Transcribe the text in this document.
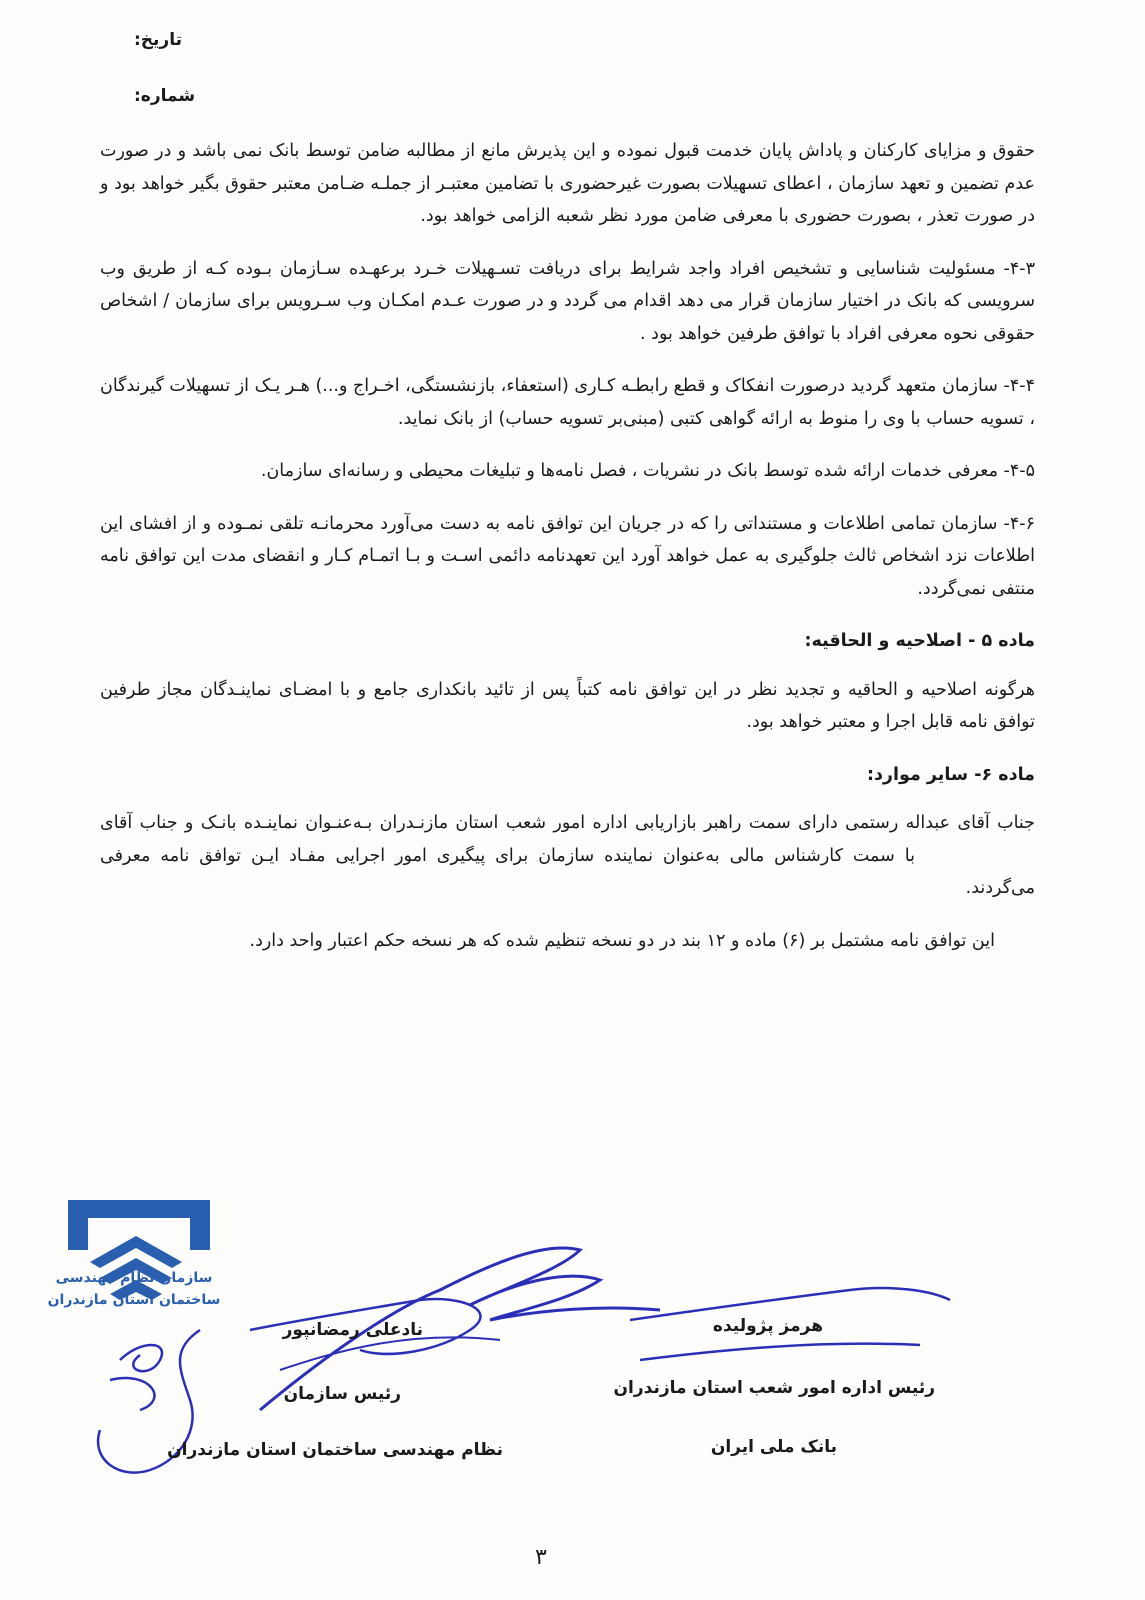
تاریخ:
شماره:

حقوق و مزایای کارکنان و پاداش پایان خدمت قبول نموده و این پذیرش مانع از مطالبه ضامن توسط بانک نمی باشد و در صورت عدم تضمین و تعهد سازمان ، اعطای تسهیلات بصورت غیرحضوری با تضامین معتبـر از جملـه ضـامن معتبر حقوق بگیر خواهد بود و در صورت تعذر ، بصورت حضوری با معرفی ضامن مورد نظر شعبه الزامی خواهد بود.

۴-۳- مسئولیت شناسایی و تشخیص افراد واجد شرایط برای دریافت تسـهیلات خـرد برعهـده سـازمان بـوده کـه از طریق وب سرویسی که بانک در اختیار سازمان قرار می دهد اقدام می گردد و در صورت عـدم امکـان وب سـرویس برای سازمان / اشخاص حقوقی نحوه معرفی افراد با توافق طرفین خواهد بود .

۴-۴- سازمان متعهد گردید درصورت انفکاک و قطع رابطـه کـاری (استعفاء، بازنشستگی، اخـراج و...) هـر یـک از تسهیلات گیرندگان ، تسویه حساب با وی را منوط به ارائه گواهی کتبی (مبنی‌بر تسویه حساب) از بانک نماید.

۴-۵- معرفی خدمات ارائه شده توسط بانک در نشریات ، فصل نامه‌ها و تبلیغات محیطی و رسانه‌ای سازمان.

۴-۶- سازمان تمامی اطلاعات و مستنداتی را که در جریان این توافق نامه به دست می‌آورد محرمانـه تلقی نمـوده و از افشای این اطلاعات نزد اشخاص ثالث جلوگیری به عمل خواهد آورد این تعهدنامه دائمی اسـت و بـا اتمـام کـار و انقضای مدت این توافق نامه منتفی نمی‌گردد.

ماده ۵ - اصلاحیه و الحاقیه:

هرگونه اصلاحیه و الحاقیه و تجدید نظر در این توافق نامه کتباً پس از تائید بانکداری جامع و با امضـای نماینـدگان مجاز طرفین توافق نامه قابل اجرا و معتبر خواهد بود.

ماده ۶- سایر موارد:

جناب آقای عبداله رستمی دارای سمت راهبر بازاریابی اداره امور شعب استان مازنـدران بـه‌عنـوان نماینـده بانـک و جناب آقایبا سمت کارشناس مالی به‌عنوان نماینده سازمان برای پیگیری امور اجرایی مفـاد ایـن توافق نامه معرفی می‌گردند.

این توافق نامه مشتمل بر (۶) ماده و ۱۲ بند در دو نسخه تنظیم شده که هر نسخه حکم اعتبار واحد دارد.

سازمان نظام مهندسی
ساختمان استان مازندران
نادعلی رمضانپور
رئیس سازمان
نظام مهندسی ساختمان استان مازندران
هرمز پژولیده
رئیس اداره امور شعب استان مازندران
بانک ملی ایران
۳
